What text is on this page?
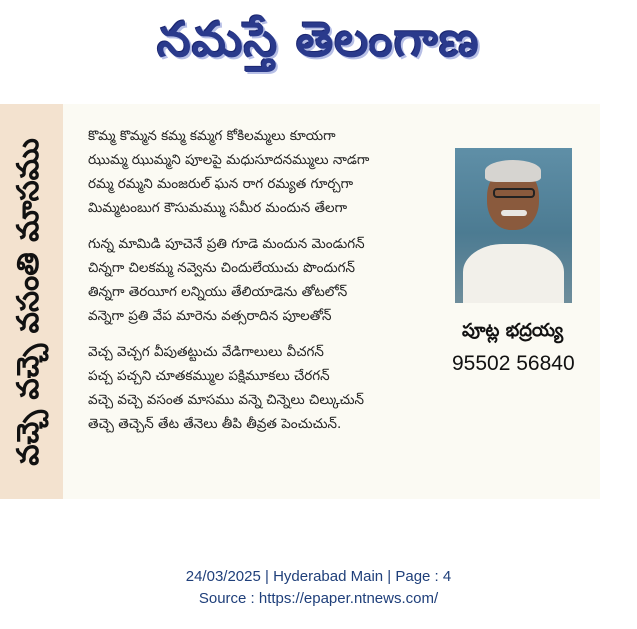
నమస్తే తెలంగాణ
వచ్చె వచ్చె వసంతి మాసము
కొమ్మ కొమ్మన కమ్మ కమ్మగ కోకిలమ్మలు కూయగా
ఝుమ్మ ఝుమ్మని పూలపై మధుసూదనమ్ములు నాడగా
రమ్మ రమ్మని మంజరుల్ ఘన రాగ రమ్యత గూర్చగా
మిమ్మటంబుగ కౌసుమమ్ము సమీర మందున తేలగా
గున్న మామిడి పూచెనే ప్రతి గూడె మందున మెండుగన్
చిన్నగా చిలకమ్మ నవ్వెను చిందులేయుచు పొందుగన్
తిన్నగా తెరయీగ లన్నియు తేలియాడెను తోటలోన్
వన్నెగా ప్రతి వేప మారెను వత్సరాదిన పూలతోన్
వెచ్చ వెచ్చగ వీపుతట్టుచు వేడిగాలులు వీచగన్
పచ్చ పచ్చని చూతకమ్ముల పక్షిమూకలు చేరగన్
వచ్చె వచ్చె వసంత మాసము వన్నె చిన్నెలు చిల్కుచున్
తెచ్చె తెచ్చెన్ తేట తేనెలు తీపి తీవ్రత పెంచుచున్.
పూట్ల భద్రయ్య
95502 56840
24/03/2025 | Hyderabad Main | Page : 4
Source : https://epaper.ntnews.com/
